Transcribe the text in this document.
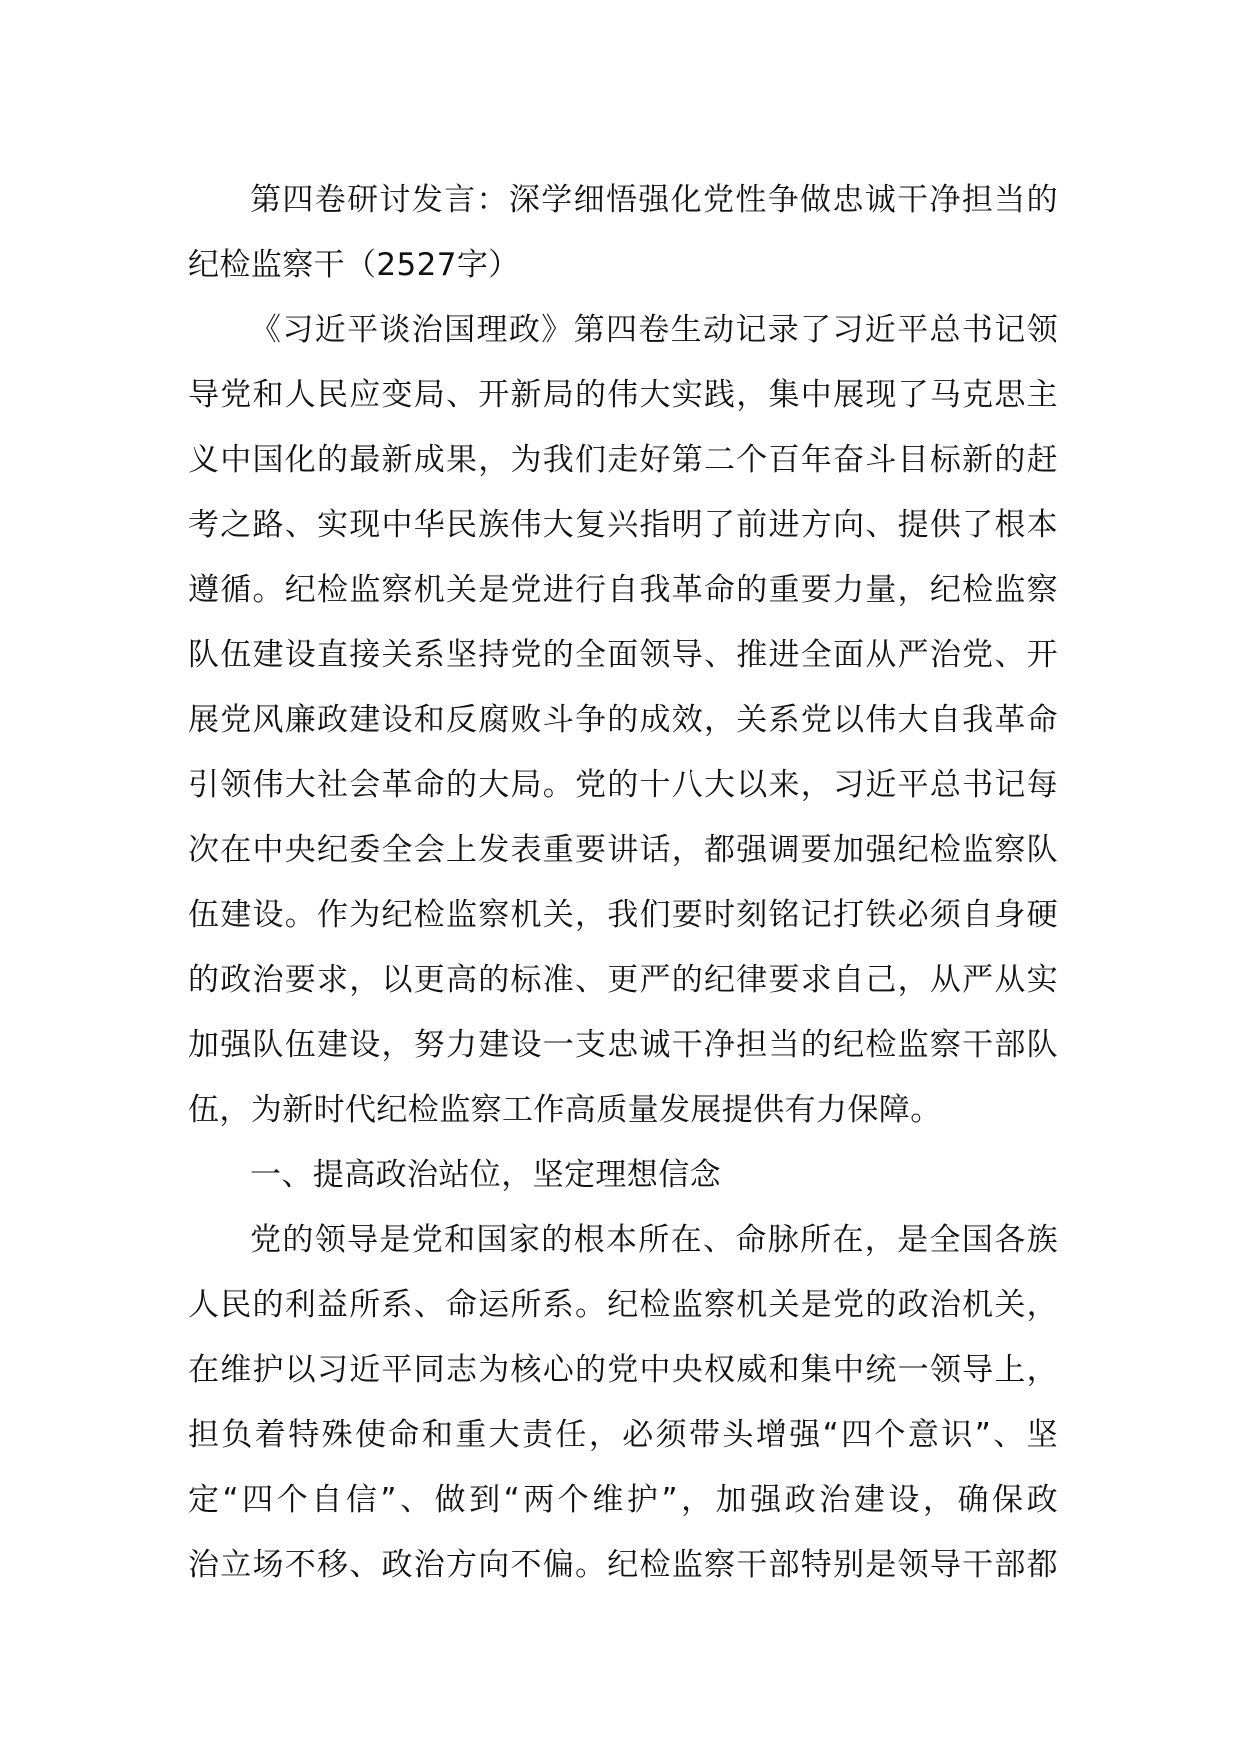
第四卷研讨发言：深学细悟强化党性争做忠诚干净担当的
纪检监察干（2527字）
《习近平谈治国理政》第四卷生动记录了习近平总书记领
导党和人民应变局、开新局的伟大实践，集中展现了马克思主
义中国化的最新成果，为我们走好第二个百年奋斗目标新的赶
考之路、实现中华民族伟大复兴指明了前进方向、提供了根本
遵循。纪检监察机关是党进行自我革命的重要力量，纪检监察
队伍建设直接关系坚持党的全面领导、推进全面从严治党、开
展党风廉政建设和反腐败斗争的成效，关系党以伟大自我革命
引领伟大社会革命的大局。党的十八大以来，习近平总书记每
次在中央纪委全会上发表重要讲话，都强调要加强纪检监察队
伍建设。作为纪检监察机关，我们要时刻铭记打铁必须自身硬
的政治要求，以更高的标准、更严的纪律要求自己，从严从实
加强队伍建设，努力建设一支忠诚干净担当的纪检监察干部队
伍，为新时代纪检监察工作高质量发展提供有力保障。
一、提高政治站位，坚定理想信念
党的领导是党和国家的根本所在、命脉所在，是全国各族
人民的利益所系、命运所系。纪检监察机关是党的政治机关，
在维护以习近平同志为核心的党中央权威和集中统一领导上，
担负着特殊使命和重大责任，必须带头增强“四个意识”、坚
定“四个自信”、做到“两个维护”，加强政治建设，确保政
治立场不移、政治方向不偏。纪检监察干部特别是领导干部都
